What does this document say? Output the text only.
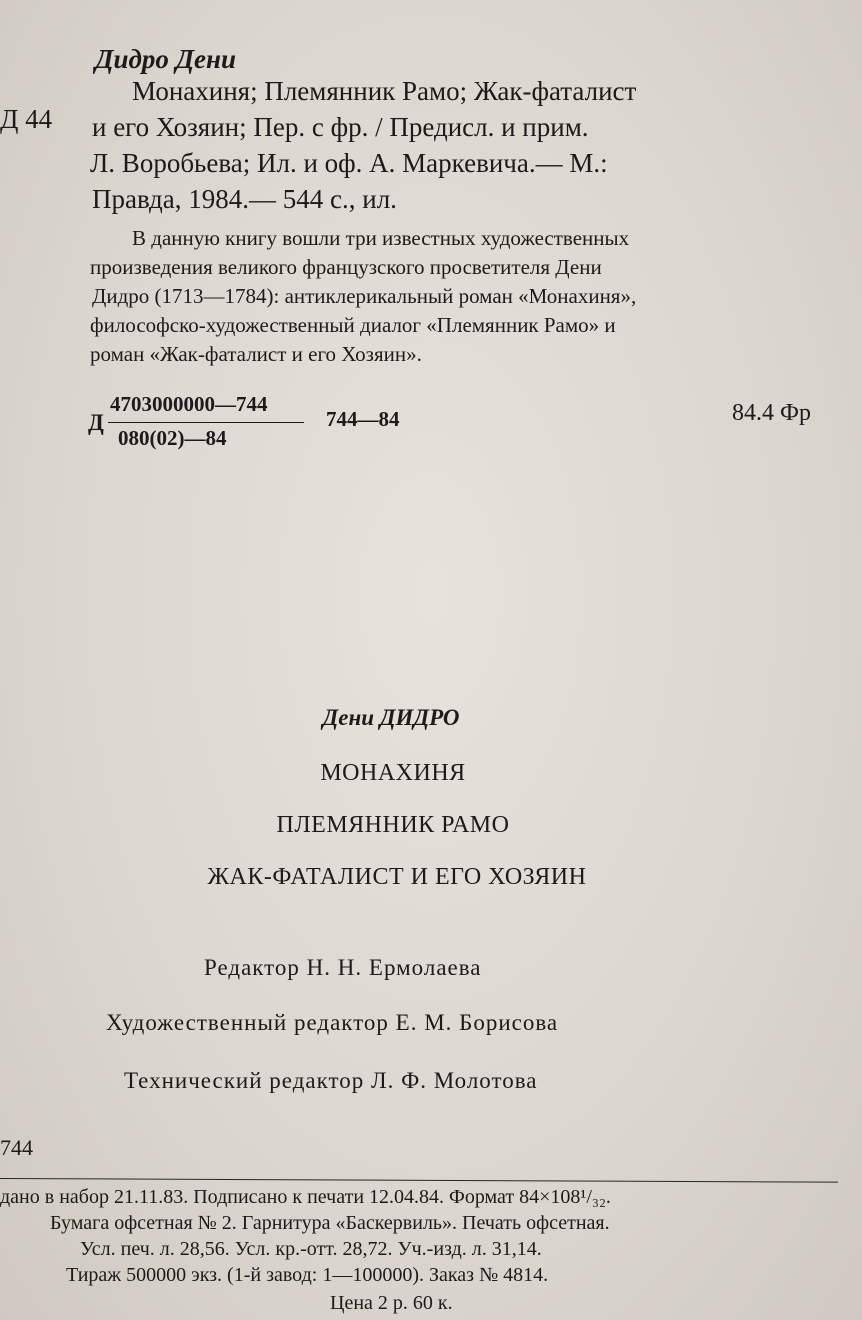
Дидро Дени
Д 44
Монахиня; Племянник Рамо; Жак-фаталист
и его Хозяин; Пер. с фр. / Предисл. и прим.
Л. Воробьева; Ил. и оф. А. Маркевича.— М.:
Правда, 1984.— 544 с., ил.
В данную книгу вошли три известных художественных
произведения великого французского просветителя Дени
Дидро (1713—1784): антиклерикальный роман «Монахиня»,
философско-художественный диалог «Племянник Рамо» и
роман «Жак-фаталист и его Хозяин».
Д
4703000000—744
080(02)—84
744—84	84.4 Фр
Дени ДИДРО
МОНАХИНЯ
ПЛЕМЯННИК РАМО
ЖАК-ФАТАЛИСТ И ЕГО ХОЗЯИН
Редактор Н. Н. Ермолаева
Художественный редактор Е. М. Борисова
Технический редактор Л. Ф. Молотова
744
дано в набор 21.11.83. Подписано к печати 12.04.84. Формат 84×108¹/₃₂.
Бумага офсетная № 2. Гарнитура «Баскервиль». Печать офсетная.
Усл. печ. л. 28,56. Усл. кр.-отт. 28,72. Уч.-изд. л. 31,14.
Тираж 500000 экз. (1-й завод: 1—100000). Заказ № 4814.
Цена 2 р. 60 к.
